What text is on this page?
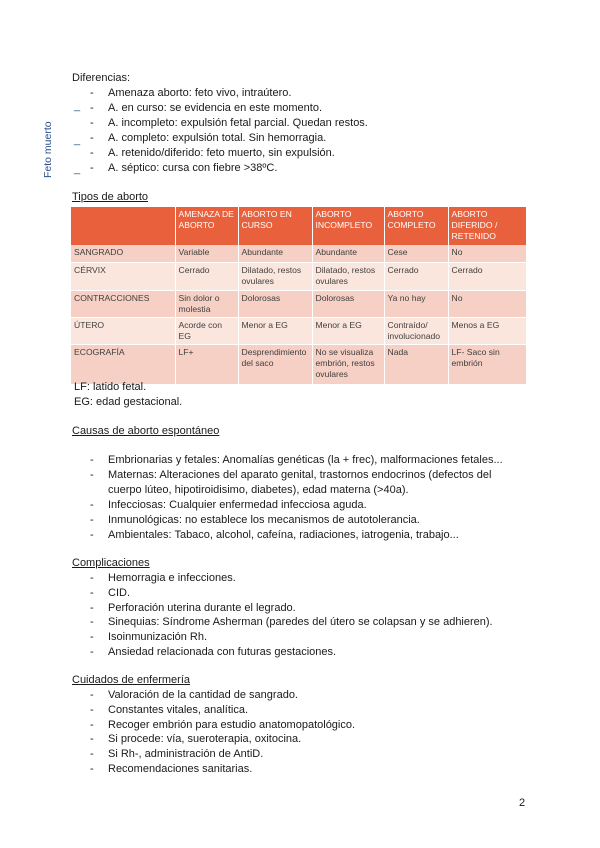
Feto muerto
_
_
_
Diferencias:
- Amenaza aborto: feto vivo, intraútero.
- A. en curso: se evidencia en este momento.
- A. incompleto: expulsión fetal parcial. Quedan restos.
- A. completo: expulsión total. Sin hemorragia.
- A. retenido/diferido: feto muerto, sin expulsión.
- A. séptico: cursa con fiebre >38ºC.
Tipos de aborto
	AMENAZA DE ABORTO	ABORTO EN CURSO	ABORTO INCOMPLETO	ABORTO COMPLETO	ABORTO DIFERIDO / RETENIDO
SANGRADO	Variable	Abundante	Abundante	Cese	No
CÉRVIX	Cerrado	Dilatado, restos ovulares	Dilatado, restos ovulares	Cerrado	Cerrado
CONTRACCIONES	Sin dolor o molestia	Dolorosas	Dolorosas	Ya no hay	No
ÚTERO	Acorde con EG	Menor a EG	Menor a EG	Contraído/ involucionado	Menos a EG
ECOGRAFÍA	LF+	Desprendimiento del saco	No se visualiza embrión, restos ovulares	Nada	LF- Saco sin embrión
LF: latido fetal.
EG: edad gestacional.
Causas de aborto espontáneo
- Embrionarias y fetales: Anomalías genéticas (la + frec), malformaciones fetales...
- Maternas: Alteraciones del aparato genital, trastornos endocrinos (defectos del
cuerpo lúteo, hipotiroidisimo, diabetes), edad materna (>40a).
- Infecciosas: Cualquier enfermedad infecciosa aguda.
- Inmunológicas: no establece los mecanismos de autotolerancia.
- Ambientales: Tabaco, alcohol, cafeína, radiaciones, iatrogenia, trabajo...
Complicaciones
- Hemorragia e infecciones.
- CID.
- Perforación uterina durante el legrado.
- Sinequias: Síndrome Asherman (paredes del útero se colapsan y se adhieren).
- Isoinmunización Rh.
- Ansiedad relacionada con futuras gestaciones.
Cuidados de enfermería
- Valoración de la cantidad de sangrado.
- Constantes vitales, analítica.
- Recoger embrión para estudio anatomopatológico.
- Si procede: vía, sueroterapia, oxitocina.
- Si Rh-, administración de AntiD.
- Recomendaciones sanitarias.
2
